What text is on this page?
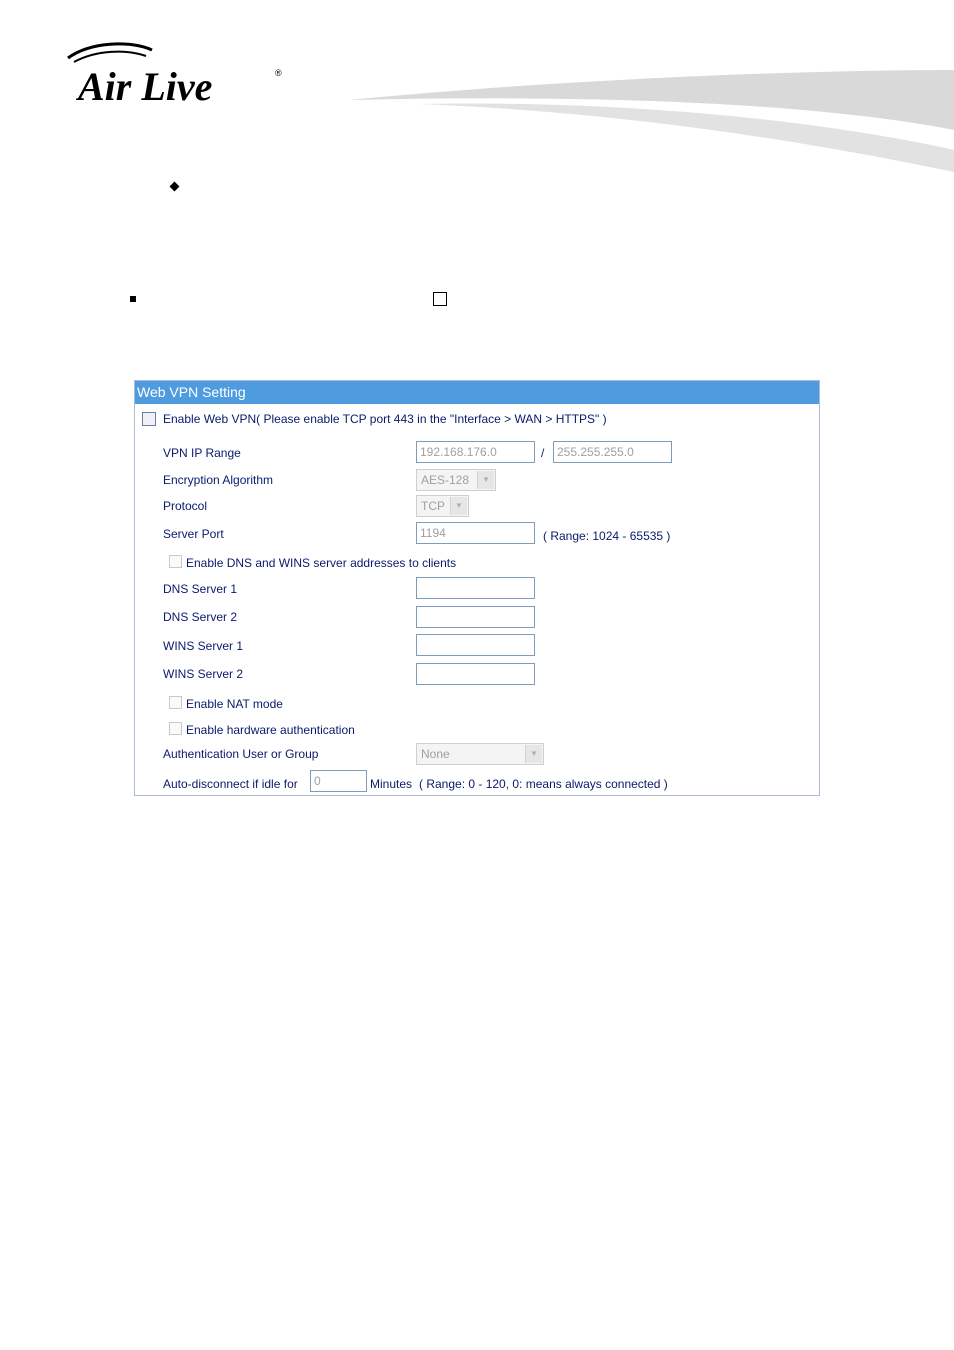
Air Live	®
Web VPN Setting
Enable Web VPN( Please enable TCP port 443 in the "Interface > WAN > HTTPS" )
VPN IP Range	192.168.176.0	/	255.255.255.0
Encryption Algorithm	AES-128	▼
Protocol	TCP	▼
Server Port	1194	( Range: 1024 - 65535 )
Enable DNS and WINS server addresses to clients
DNS Server 1
DNS Server 2
WINS Server 1
WINS Server 2
Enable NAT mode
Enable hardware authentication
Authentication User or Group	None	▼
Auto-disconnect if idle for	0	Minutes ( Range: 0 - 120, 0: means always connected )
